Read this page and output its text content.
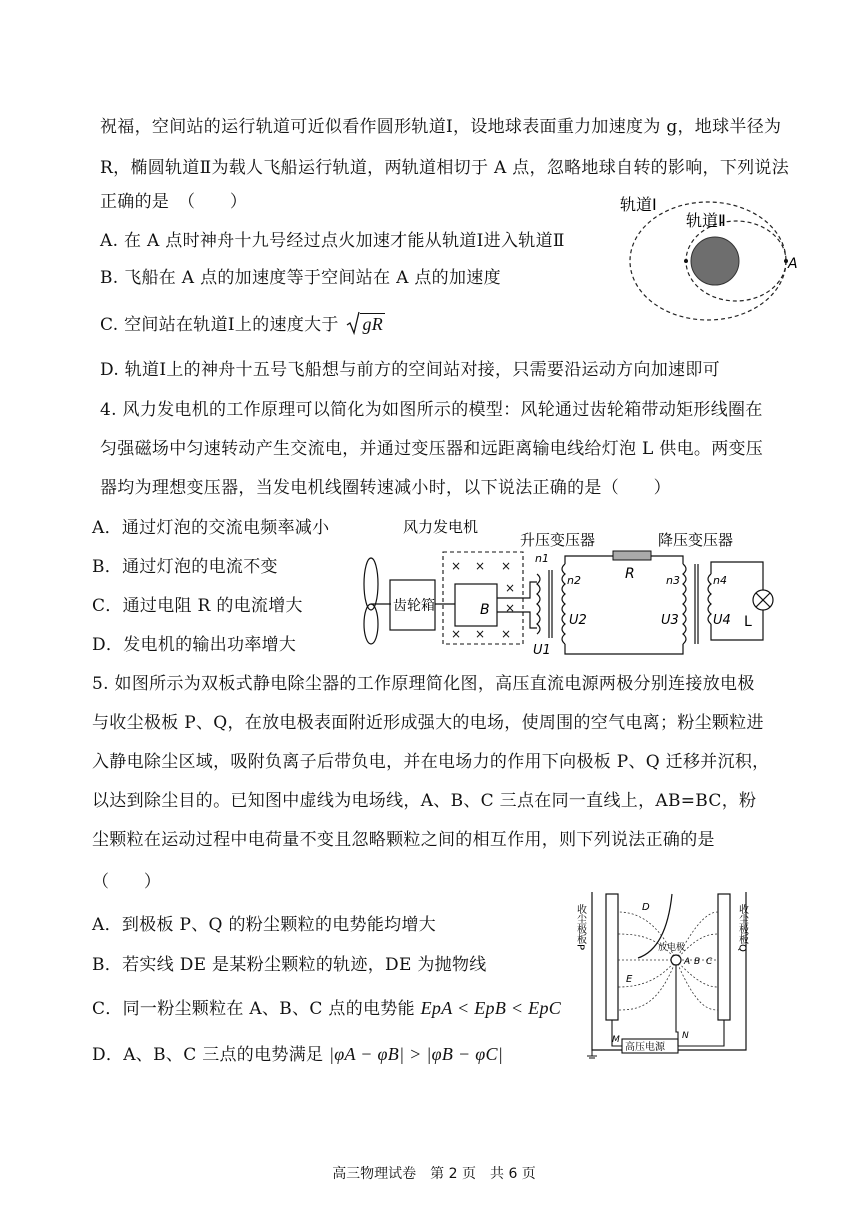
祝福，空间站的运行轨道可近似看作圆形轨道Ⅰ，设地球表面重力加速度为 g，地球半径为
R，椭圆轨道Ⅱ为载人飞船运行轨道，两轨道相切于 A 点，忽略地球自转的影响，下列说法
正确的是　（　　）
A. 在 A 点时神舟十九号经过点火加速才能从轨道Ⅰ进入轨道Ⅱ
B. 飞船在 A 点的加速度等于空间站在 A 点的加速度
C. 空间站在轨道Ⅰ上的速度大于 gR
D. 轨道Ⅰ上的神舟十五号飞船想与前方的空间站对接，只需要沿运动方向加速即可
轨道Ⅰ
轨道Ⅱ
A
4. 风力发电机的工作原理可以简化为如图所示的模型：风轮通过齿轮箱带动矩形线圈在
匀强磁场中匀速转动产生交流电，并通过变压器和远距离输电线给灯泡 L 供电。两变压
器均为理想变压器，当发电机线圈转速减小时，以下说法正确的是（　　）
A．通过灯泡的交流电频率减小
B．通过灯泡的电流不变
C．通过电阻 R 的电流增大
D．发电机的输出功率增大
风力发电机
升压变压器	降压变压器
齿轮箱
× × ×
× × ×
×
×
B
n1
n2
U1
U2
R	n3	n4
U3	U4 L
5. 如图所示为双板式静电除尘器的工作原理简化图，高压直流电源两极分别连接放电极
与收尘极板 P、Q，在放电极表面附近形成强大的电场，使周围的空气电离；粉尘颗粒进
入静电除尘区域，吸附负离子后带负电，并在电场力的作用下向极板 P、Q 迁移并沉积，
以达到除尘目的。已知图中虚线为电场线，A、B、C 三点在同一直线上，AB=BC，粉
尘颗粒在运动过程中电荷量不变且忽略颗粒之间的相互作用，则下列说法正确的是
（　　）
A．到极板 P、Q 的粉尘颗粒的电势能均增大
B．若实线 DE 是某粉尘颗粒的轨迹，DE 为抛物线
C．同一粉尘颗粒在 A、B、C 点的电势能 EpA < EpB < EpC
D．A、B、C 三点的电势满足 |φA − φB| > |φB − φC|
收尘极板P	收尘极板Q
D
E
放电极
A B C
高压电源
M	N
高三物理试卷　第 2 页　共 6 页
